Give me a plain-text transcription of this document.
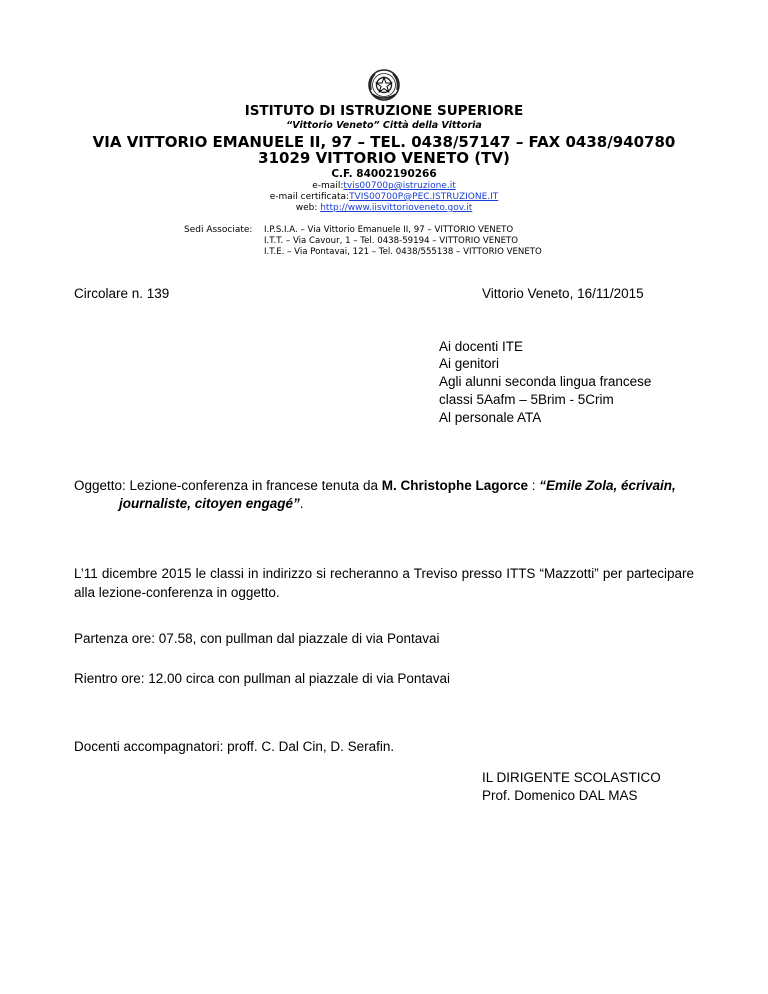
ISTITUTO DI ISTRUZIONE SUPERIORE
“Vittorio Veneto” Città della Vittoria
VIA VITTORIO EMANUELE II, 97 – TEL. 0438/57147 – FAX 0438/940780
31029 VITTORIO VENETO (TV)
C.F. 84002190266
e-mail:tvis00700p@istruzione.it
e-mail certificata:TVIS00700P@PEC.ISTRUZIONE.IT
web: http://www.iisvittorioveneto.gov.it
Sedi Associate: I.P.S.I.A. – Via Vittorio Emanuele II, 97 – VITTORIO VENETO
I.T.T. – Via Cavour, 1 – Tel. 0438-59194 – VITTORIO VENETO
I.T.E. – Via Pontavai, 121 – Tel. 0438/555138 – VITTORIO VENETO
Circolare n. 139	Vittorio Veneto, 16/11/2015
Ai docenti ITE
Ai genitori
Agli alunni seconda lingua francese
classi 5Aafm – 5Brim - 5Crim
Al personale ATA
Oggetto: Lezione-conferenza in francese tenuta da M. Christophe Lagorce : “Emile Zola, écrivain,
journaliste, citoyen engagé”.
L’11 dicembre 2015 le classi in indirizzo si recheranno a Treviso presso ITTS “Mazzotti” per partecipare alla lezione-conferenza in oggetto.
Partenza ore: 07.58, con pullman dal piazzale di via Pontavai
Rientro ore: 12.00 circa con pullman al piazzale di via Pontavai
Docenti accompagnatori: proff. C. Dal Cin, D. Serafin.
IL DIRIGENTE SCOLASTICO
Prof. Domenico DAL MAS
